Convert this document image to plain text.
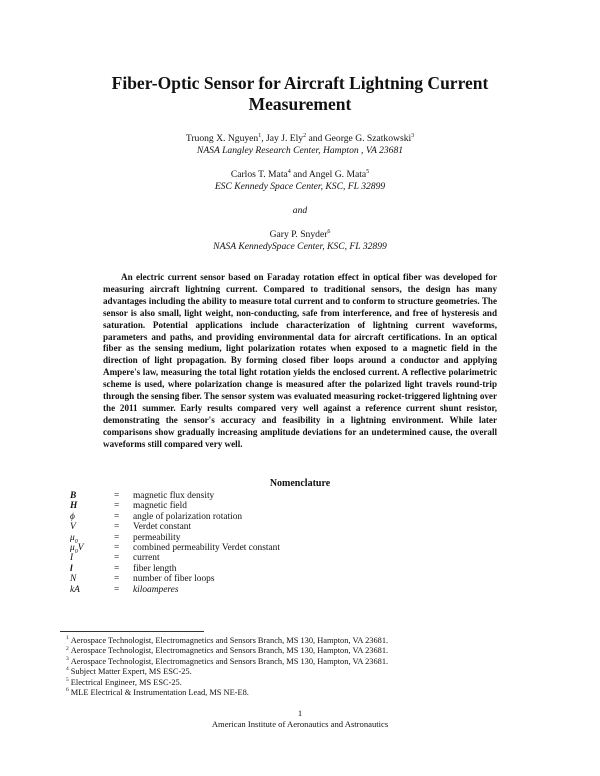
Fiber-Optic Sensor for Aircraft Lightning Current
Measurement
Truong X. Nguyen$^1$, Jay J. Ely$^2$ and George G. Szatkowski$^3$
NASA Langley Research Center, Hampton , VA 23681
Carlos T. Mata$^4$ and Angel G. Mata$^5$
ESC Kennedy Space Center, KSC, FL 32899
and
Gary P. Snyder$^6$
NASA KennedySpace Center, KSC, FL 32899

An electric current sensor based on Faraday rotation effect in optical fiber was developed for measuring aircraft lightning current. Compared to traditional sensors, the design has many advantages including the ability to measure total current and to conform to structure geometries. The sensor is also small, light weight, non-conducting, safe from interference, and free of hysteresis and saturation. Potential applications include characterization of lightning current waveforms, parameters and paths, and providing environmental data for aircraft certifications. In an optical fiber as the sensing medium, light polarization rotates when exposed to a magnetic field in the direction of light propagation. By forming closed fiber loops around a conductor and applying Ampere's law, measuring the total light rotation yields the enclosed current. A reflective polarimetric scheme is used, where polarization change is measured after the polarized light travels round-trip through the sensing fiber. The sensor system was evaluated measuring rocket-triggered lightning over the 2011 summer. Early results compared very well against a reference current shunt resistor, demonstrating the sensor's accuracy and feasibility in a lightning environment. While later comparisons show gradually increasing amplitude deviations for an undetermined cause, the overall waveforms still compared very well.

Nomenclature
B	=	magnetic flux density
H	=	magnetic field
ϕ	=	angle of polarization rotation
V	=	Verdet constant
$\mu_0$	=	permeability
$\mu_0V$	=	combined permeability Verdet constant
I	=	current
l	=	fiber length
N	=	number of fiber loops
kA	=	kiloamperes
$^1$ Aerospace Technologist, Electromagnetics and Sensors Branch, MS 130, Hampton, VA 23681.
$^2$ Aerospace Technologist, Electromagnetics and Sensors Branch, MS 130, Hampton, VA 23681.
$^3$ Aerospace Technologist, Electromagnetics and Sensors Branch, MS 130, Hampton, VA 23681.
$^4$ Subject Matter Expert, MS ESC-25.
$^5$ Electrical Engineer, MS ESC-25.
$^6$ MLE Electrical & Instrumentation Lead, MS NE-E8.
1
American Institute of Aeronautics and Astronautics
